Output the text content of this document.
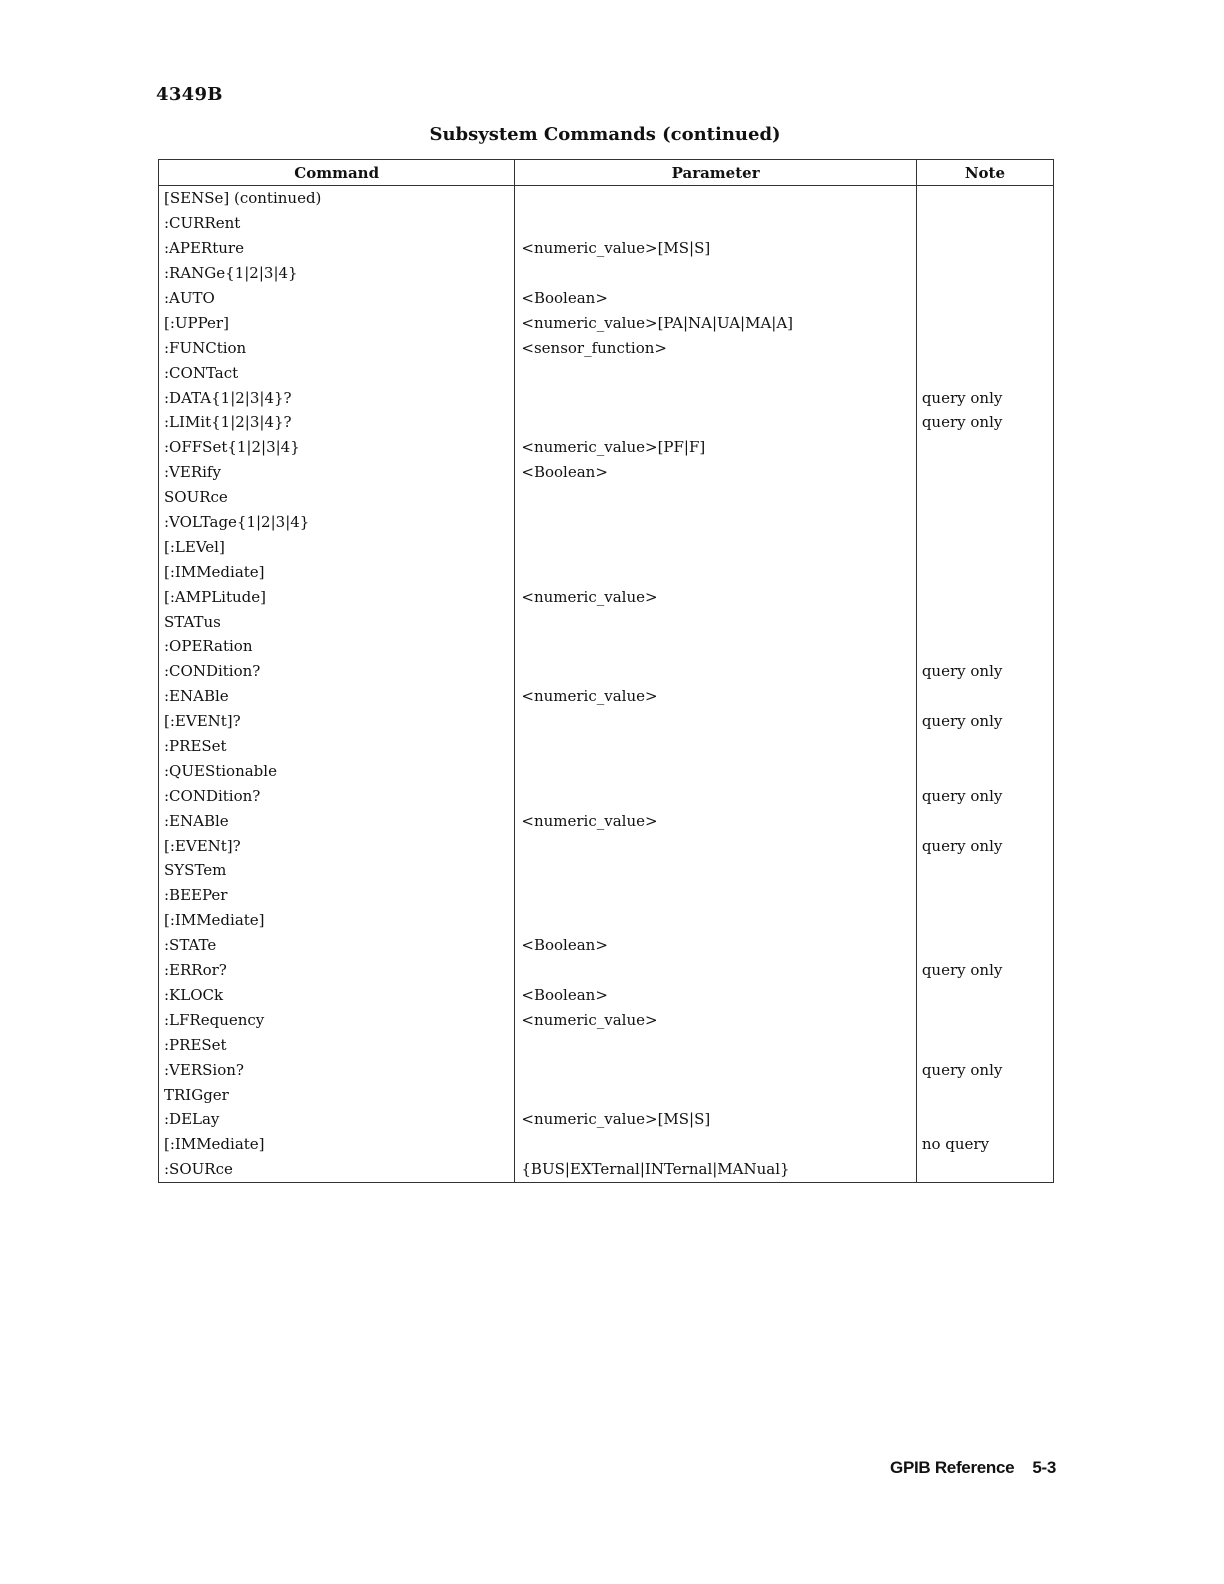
4349B
Subsystem Commands (continued)
Command	Parameter	Note
[SENSe] (continued)		
:CURRent		
:APERture	<numeric_value>[MS|S]	
:RANGe{1|2|3|4}		
:AUTO	<Boolean>	
[:UPPer]	<numeric_value>[PA|NA|UA|MA|A]	
:FUNCtion	<sensor_function>	
:CONTact		
:DATA{1|2|3|4}?		query only
:LIMit{1|2|3|4}?		query only
:OFFSet{1|2|3|4}	<numeric_value>[PF|F]	
:VERify	<Boolean>	
SOURce		
:VOLTage{1|2|3|4}		
[:LEVel]		
[:IMMediate]		
[:AMPLitude]	<numeric_value>	
STATus		
:OPERation		
:CONDition?		query only
:ENABle	<numeric_value>	
[:EVENt]?		query only
:PRESet		
:QUEStionable		
:CONDition?		query only
:ENABle	<numeric_value>	
[:EVENt]?		query only
SYSTem		
:BEEPer		
[:IMMediate]		
:STATe	<Boolean>	
:ERRor?		query only
:KLOCk	<Boolean>	
:LFRequency	<numeric_value>	
:PRESet		
:VERSion?		query only
TRIGger		
:DELay	<numeric_value>[MS|S]	
[:IMMediate]		no query
:SOURce	{BUS|EXTernal|INTernal|MANual}	
GPIB Reference 5-3
